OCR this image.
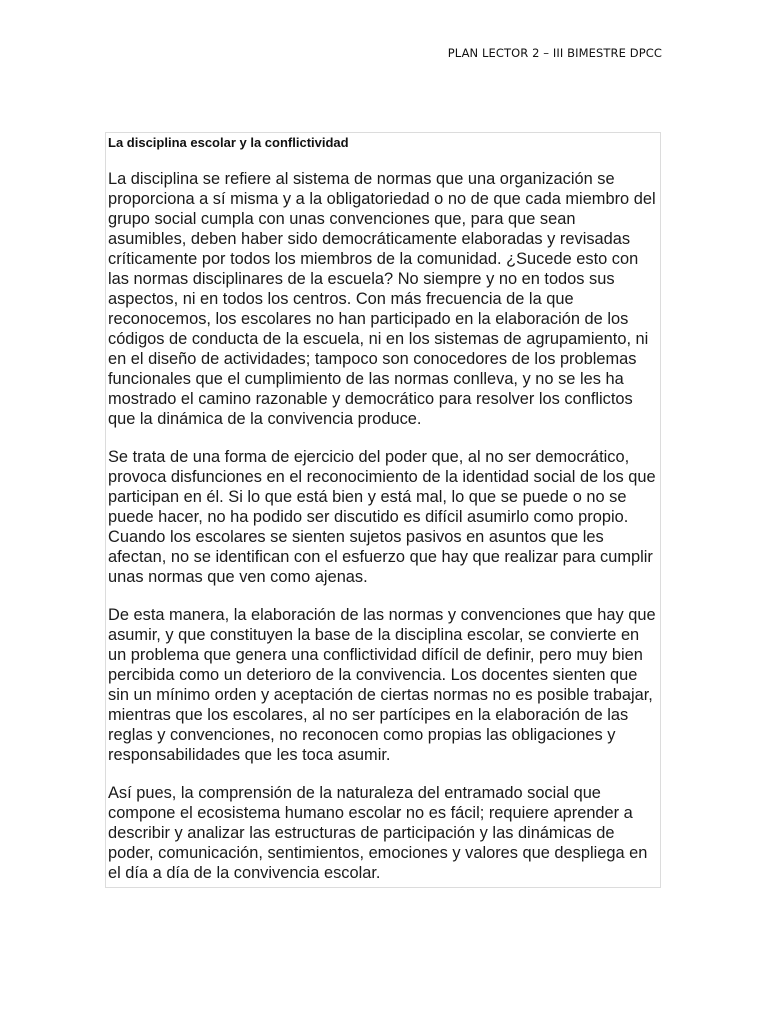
PLAN LECTOR 2 – III BIMESTRE DPCC
La disciplina escolar y la conflictividad

La disciplina se refiere al sistema de normas que una organización se proporciona a sí misma y a la obligatoriedad o no de que cada miembro del grupo social cumpla con unas convenciones que, para que sean asumibles, deben haber sido democráticamente elaboradas y revisadas críticamente por todos los miembros de la comunidad. ¿Sucede esto con las normas disciplinares de la escuela? No siempre y no en todos sus aspectos, ni en todos los centros. Con más frecuencia de la que reconocemos, los escolares no han participado en la elaboración de los códigos de conducta de la escuela, ni en los sistemas de agrupamiento, ni en el diseño de actividades; tampoco son conocedores de los problemas funcionales que el cumplimiento de las normas conlleva, y no se les ha mostrado el camino razonable y democrático para resolver los conflictos que la dinámica de la convivencia produce.

Se trata de una forma de ejercicio del poder que, al no ser democrático, provoca disfunciones en el reconocimiento de la identidad social de los que participan en él. Si lo que está bien y está mal, lo que se puede o no se puede hacer, no ha podido ser discutido es difícil asumirlo como propio. Cuando los escolares se sienten sujetos pasivos en asuntos que les afectan, no se identifican con el esfuerzo que hay que realizar para cumplir unas normas que ven como ajenas.

De esta manera, la elaboración de las normas y convenciones que hay que asumir, y que constituyen la base de la disciplina escolar, se convierte en un problema que genera una conflictividad difícil de definir, pero muy bien percibida como un deterioro de la convivencia. Los docentes sienten que sin un mínimo orden y aceptación de ciertas normas no es posible trabajar, mientras que los escolares, al no ser partícipes en la elaboración de las reglas y convenciones, no reconocen como propias las obligaciones y responsabilidades que les toca asumir.

Así pues, la comprensión de la naturaleza del entramado social que compone el ecosistema humano escolar no es fácil; requiere aprender a describir y analizar las estructuras de participación y las dinámicas de poder, comunicación, sentimientos, emociones y valores que despliega en el día a día de la convivencia escolar.
